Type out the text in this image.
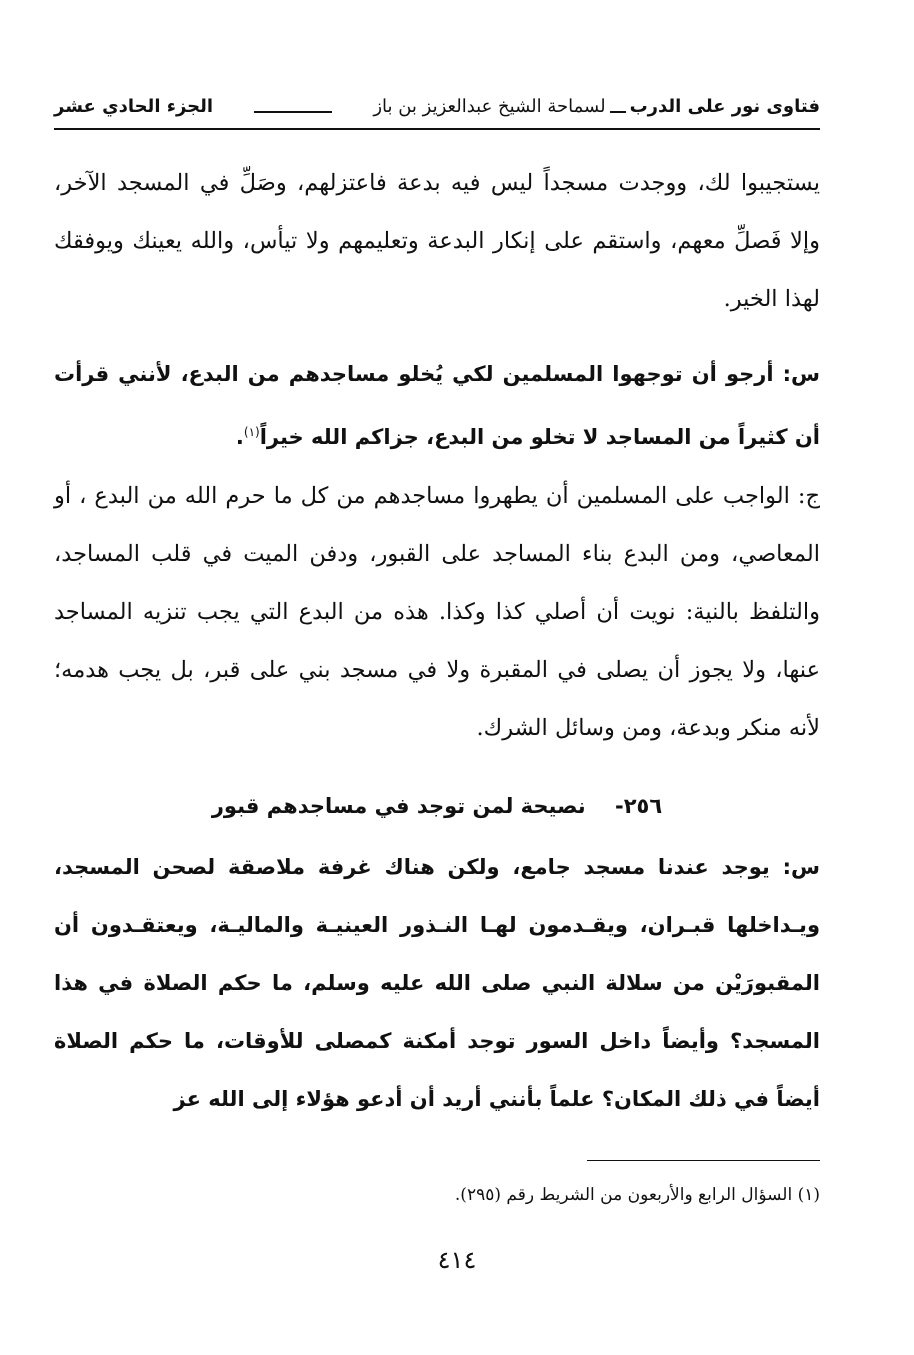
فتاوى نور على الدرب
لسماحة الشيخ عبدالعزيز بن باز
الجزء الحادي عشر

يستجيبوا لك، ووجدت مسجداً ليس فيه بدعة فاعتزلهم، وصَلِّ في المسجد الآخر، وإلا فَصلِّ معهم، واستقم على إنكار البدعة وتعليمهم ولا تيأس، والله يعينك ويوفقك لهذا الخير.

س: أرجو أن توجهوا المسلمين لكي يُخلو مساجدهم من البدع، لأنني قرأت أن كثيراً من المساجد لا تخلو من البدع، جزاكم الله خيراً$^{(١)}$.

ج: الواجب على المسلمين أن يطهروا مساجدهم من كل ما حرم الله من البدع ، أو المعاصي، ومن البدع بناء المساجد على القبور، ودفن الميت في قلب المساجد، والتلفظ بالنية: نويت أن أصلي كذا وكذا. هذه من البدع التي يجب تنزيه المساجد عنها، ولا يجوز أن يصلى في المقبرة ولا في مسجد بني على قبر، بل يجب هدمه؛ لأنه منكر وبدعة، ومن وسائل الشرك.

٢٥٦- نصيحة لمن توجد في مساجدهم قبور

س: يوجد عندنا مسجد جامع، ولكن هناك غرفة ملاصقة لصحن المسجد، ويـداخلها قبـران، ويقـدمون لهـا النـذور العينيـة والماليـة، ويعتقـدون أن المقبورَيْن من سلالة النبي صلى الله عليه وسلم، ما حكم الصلاة في هذا المسجد؟ وأيضاً داخل السور توجد أمكنة كمصلى للأوقات، ما حكم الصلاة أيضاً في ذلك المكان؟ علماً بأنني أريد أن أدعو هؤلاء إلى الله عز

(١) السؤال الرابع والأربعون من الشريط رقم (٢٩٥).
٤١٤
